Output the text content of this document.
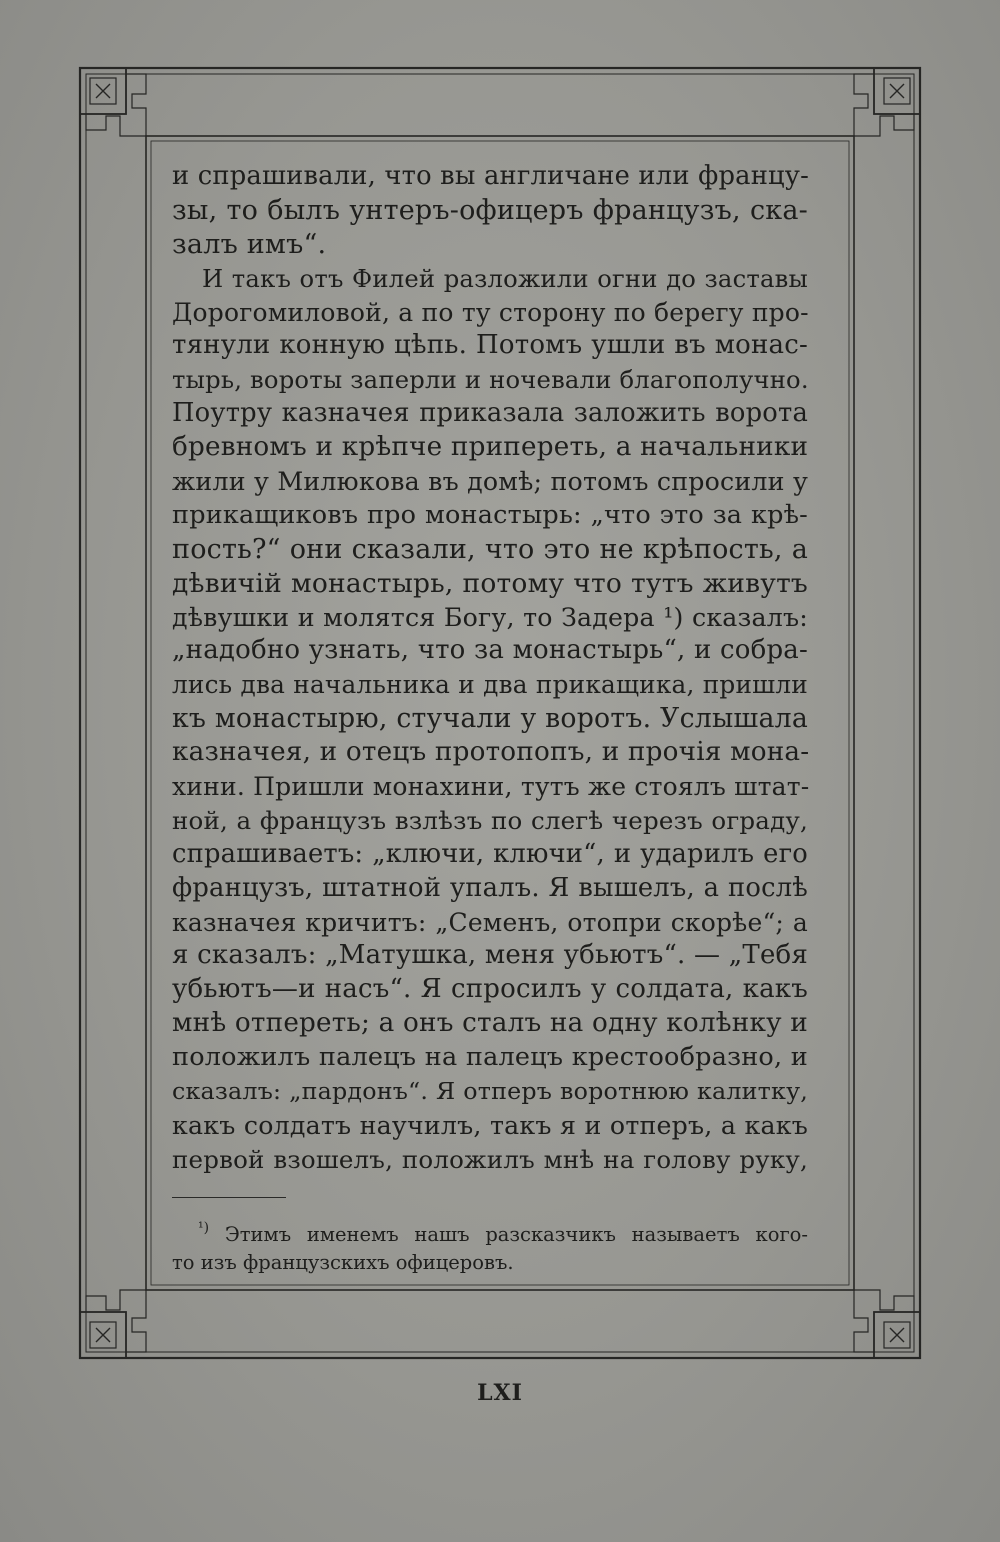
и спрашивали, что вы англичане или францу-
зы, то былъ унтеръ-офицеръ французъ, ска-
залъ имъ“.
И такъ отъ Филей разложили огни до заставы
Дорогомиловой, а по ту сторону по берегу про-
тянули конную цѣпь. Потомъ ушли въ монас-
тырь, вороты заперли и ночевали благополучно.
Поутру казначея приказала заложить ворота
бревномъ и крѣпче припереть, а начальники
жили у Милюкова въ домѣ; потомъ спросили у
прикащиковъ про монастырь: „что это за крѣ-
пость?“ они сказали, что это не крѣпость, а
дѣвичій монастырь, потому что тутъ живутъ
дѣвушки и молятся Богу, то Задера ¹) сказалъ:
„надобно узнать, что за монастырь“, и собра-
лись два начальника и два прикащика, пришли
къ монастырю, стучали у воротъ. Услышала
казначея, и отецъ протопопъ, и прочія мона-
хини. Пришли монахини, тутъ же стоялъ штат-
ной, а французъ взлѣзъ по слегѣ черезъ ограду,
спрашиваетъ: „ключи, ключи“, и ударилъ его
французъ, штатной упалъ. Я вышелъ, а послѣ
казначея кричитъ: „Семенъ, отопри скорѣе“; а
я сказалъ: „Матушка, меня убьютъ“. — „Тебя
убьютъ—и насъ“. Я спросилъ у солдата, какъ
мнѣ отпереть; а онъ сталъ на одну колѣнку и
положилъ палецъ на палецъ крестообразно, и
сказалъ: „пардонъ“. Я отперъ воротнюю калитку,
какъ солдатъ научилъ, такъ я и отперъ, а какъ
первой взошелъ, положилъ мнѣ на голову руку,
$^{^1)}$ Этимъ именемъ нашъ разсказчикъ называетъ кого-
то изъ французскихъ офицеровъ.
LXI
